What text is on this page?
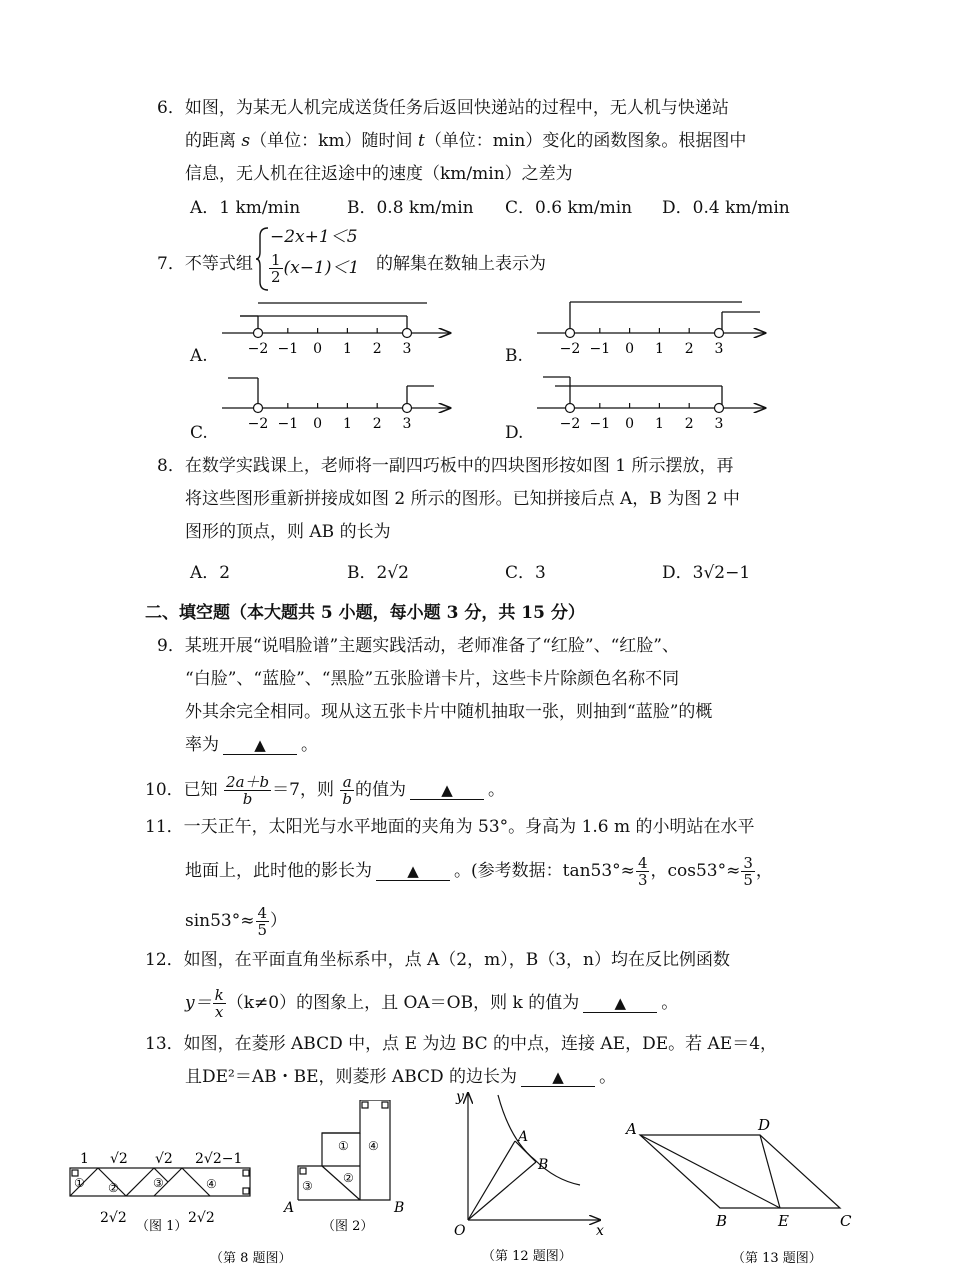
6．如图，为某无人机完成送货任务后返回快递站的过程中，无人机与快递站
的距离 s（单位：km）随时间 t（单位：min）变化的函数图象。根据图中
信息，无人机在往返途中的速度（km/min）之差为
A．1 km/min	B．0.8 km/min C．0.6 km/min D．0.4 km/min
7．不等式组
−2x+1＜5
$\frac{1}{2} (x-1)<1$ 的解集在数轴上表示为
−2 −1 0 1 2 3	−2 −1 0 1 2 3
−2 −1 0 1 2 3	−2 −1 0 1 2 3
A.	B.
C.	D.
8．在数学实践课上，老师将一副四巧板中的四块图形按如图 1 所示摆放，再
将这些图形重新拼接成如图 2 所示的图形。已知拼接后点 A，B 为图 2 中
图形的顶点，则 AB 的长为
A．2	B．2√2	C．3	D．3√2−1
二、填空题（本大题共 5 小题，每小题 3 分，共 15 分）
9．某班开展“说唱脸谱”主题实践活动，老师准备了“红脸”、“红脸”、
“白脸”、“蓝脸”、“黑脸”五张脸谱卡片，这些卡片除颜色名称不同
外其余完全相同。现从这五张卡片中随机抽取一张，则抽到“蓝脸”的概
率为 ▲ 。
10．已知 $\frac{2a+b}{b} =7$，则 $\frac{a}{b}$ 的值为 ▲ 。
11．一天正午，太阳光与水平地面的夹角为 53°。身高为 1.6 m 的小明站在水平
地面上，此时他的影长为 ▲ 。(参考数据：$\tan 53^\circ\approx \frac{4}{3}$ ，$\cos 53^\circ\approx \frac{3}{5}$ ，
$\sin 53^\circ\approx \frac{4}{5}$ ）
12．如图，在平面直角坐标系中，点 A（2，m），B（3，n）均在反比例函数
$y= \frac{k}{x} (k\ne 0)$的图象上，且 OA＝OB，则 k 的值为 ▲ 。
13．如图，在菱形 ABCD 中，点 E 为边 BC 的中点，连接 AE，DE。若 AE＝4，
且DE²＝AB・BE，则菱形 ABCD 的边长为 ▲ 。
1 √2 √2 2√2−1
① ②	③	④
2√2
（图 1）
2√2
①
②
③
④
A	B
（图 2）
（第 8 题图）
y
x
O
A
B
（第 12 题图）
A	D
B	E	C
（第 13 题图）
